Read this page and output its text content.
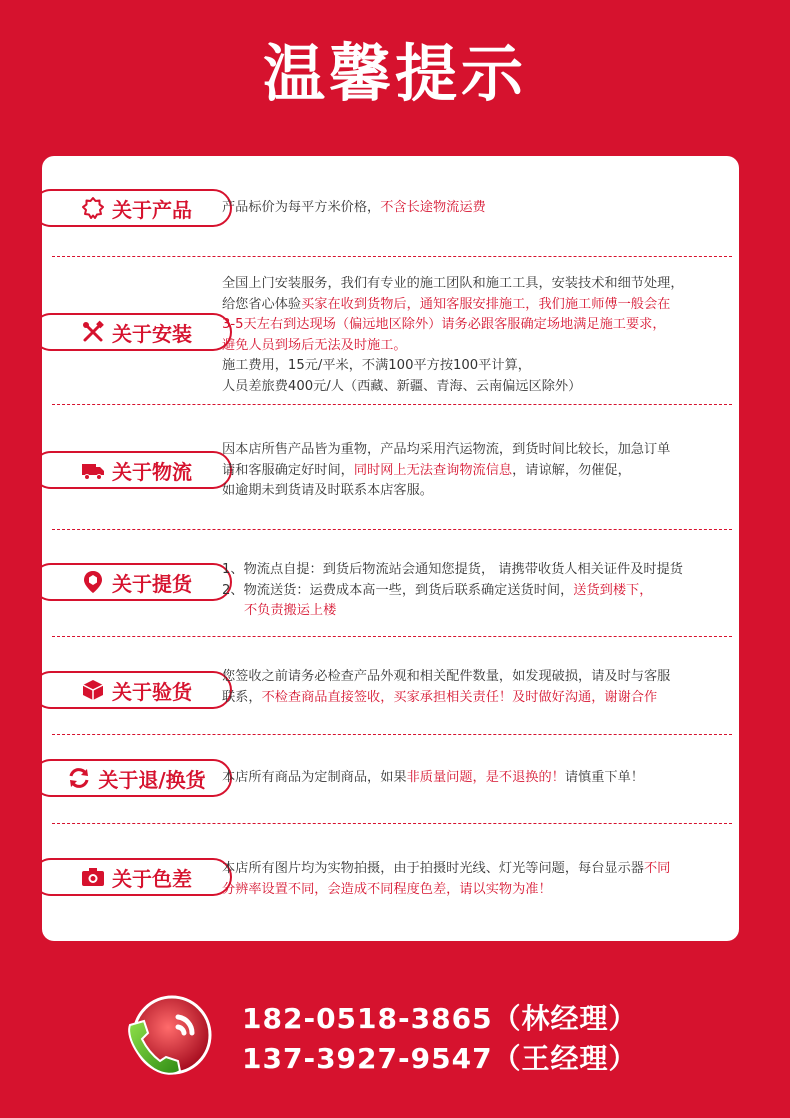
温馨提示
关于产品 产品标价为每平方米价格，不含长途物流运费
关于安装
全国上门安装服务，我们有专业的施工团队和施工工具，安装技术和细节处理，
给您省心体验买家在收到货物后，通知客服安排施工，我们施工师傅一般会在
3-5天左右到达现场（偏远地区除外）请务必跟客服确定场地满足施工要求，
避免人员到场后无法及时施工。
施工费用，15元/平米，不满100平方按100平计算，
人员差旅费400元/人（西藏、新疆、青海、云南偏远区除外）
关于物流
因本店所售产品皆为重物，产品均采用汽运物流，到货时间比较长，加急订单
请和客服确定好时间，同时网上无法查询物流信息，请谅解，勿催促，
如逾期未到货请及时联系本店客服。
关于提货
1、物流点自提：到货后物流站会通知您提货， 请携带收货人相关证件及时提货
2、物流送货：运费成本高一些，到货后联系确定送货时间，送货到楼下，
不负责搬运上楼
关于验货
您签收之前请务必检查产品外观和相关配件数量，如发现破损，请及时与客服
联系，不检查商品直接签收，买家承担相关责任！及时做好沟通，谢谢合作
关于退/换货 本店所有商品为定制商品，如果非质量问题，是不退换的！请慎重下单！
关于色差 本店所有图片均为实物拍摄，由于拍摄时光线、灯光等问题，每台显示器不同
分辨率设置不同，会造成不同程度色差，请以实物为准！
182-0518-3865（林经理）
137-3927-9547（王经理）
